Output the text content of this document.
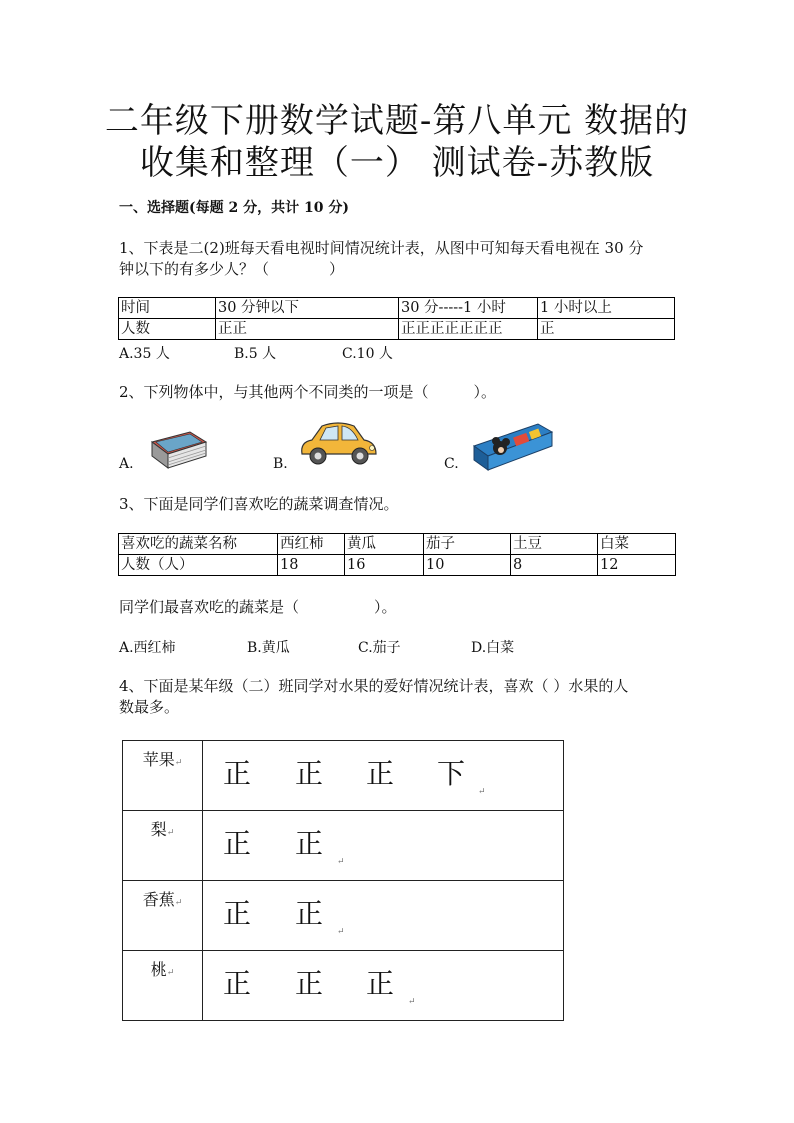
二年级下册数学试题-第八单元 数据的
收集和整理（一） 测试卷-苏教版
一、选择题(每题 2 分，共计 10 分)
1、下表是二(2)班每天看电视时间情况统计表，从图中可知每天看电视在 30 分
钟以下的有多少人？（　　　　）
时间	30 分钟以下	30 分-----1 小时	1 小时以上
人数	正正	正正正正正正正	正
A.35 人	B.5 人	C.10 人
2、下列物体中，与其他两个不同类的一项是（　　　）。
A.	B.	C.
3、下面是同学们喜欢吃的蔬菜调查情况。
喜欢吃的蔬菜名称	西红柿	黄瓜	茄子	土豆	白菜
人数（人）	18	16	10	8	12
同学们最喜欢吃的蔬菜是（　　　　　）。
A.西红柿	B.黄瓜	C.茄子	D.白菜
4、下面是某年级（二）班同学对水果的爱好情况统计表，喜欢（ ）水果的人
数最多。
苹果↵	正 正 正 下
↵

梨↵	正 正
↵

香蕉↵	正 正
↵

桃↵	正 正 正
↵
